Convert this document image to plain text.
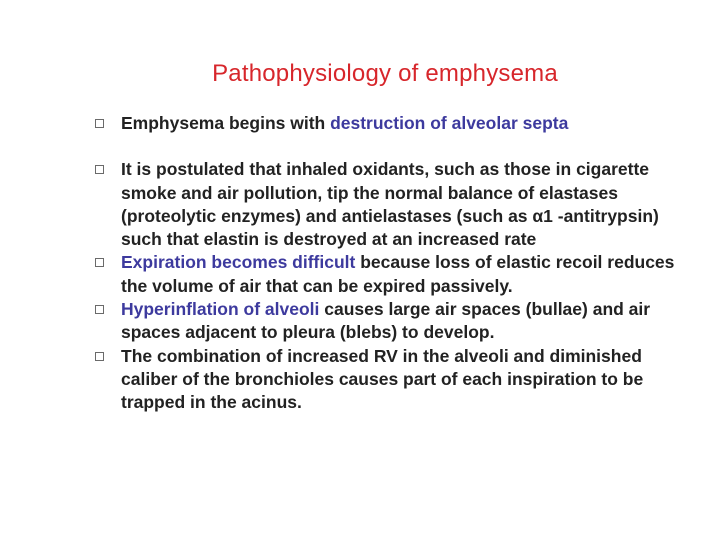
Pathophysiology of emphysema
Emphysema begins with destruction of alveolar septa
It is postulated that inhaled oxidants, such as those in cigarette smoke and air pollution, tip the normal balance of elastases (proteolytic enzymes) and antielastases (such as α1 -antitrypsin) such that elastin is destroyed at an increased rate
Expiration becomes difficult because loss of elastic recoil reduces the volume of air that can be expired passively.
Hyperinflation of alveoli causes large air spaces (bullae) and air spaces adjacent to pleura (blebs) to develop.
The combination of increased RV in the alveoli and diminished caliber of the bronchioles causes part of each inspiration to be trapped in the acinus.
